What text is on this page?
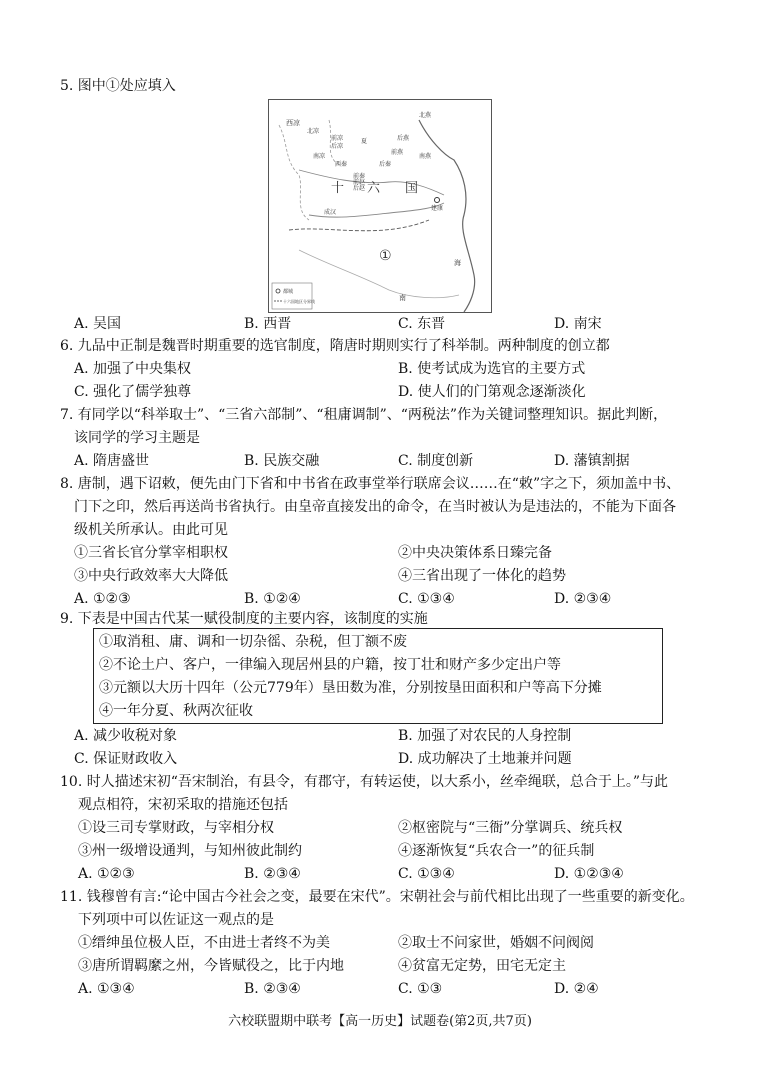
5. 图中①处应填入
西凉
北凉
前凉
后凉
南凉
西秦
夏
北燕
后燕
前燕
南燕
后秦
前秦
前赵
后赵
成汉
十 六 国
建康
①	海
南
都城
十六国地区分界线
A. 吴国	B. 西晋	C. 东晋	D. 南宋
6. 九品中正制是魏晋时期重要的选官制度，隋唐时期则实行了科举制。两种制度的创立都
A. 加强了中央集权	B. 使考试成为选官的主要方式
C. 强化了儒学独尊	D. 使人们的门第观念逐渐淡化
7. 有同学以“科举取士”、“三省六部制”、“租庸调制”、“两税法”作为关键词整理知识。据此判断，
该同学的学习主题是
A. 隋唐盛世	B. 民族交融	C. 制度创新	D. 藩镇割据
8. 唐制，遇下诏敕，便先由门下省和中书省在政事堂举行联席会议……在“敕”字之下，须加盖中书、
门下之印，然后再送尚书省执行。由皇帝直接发出的命令，在当时被认为是违法的，不能为下面各
级机关所承认。由此可见
①三省长官分掌宰相职权	②中央决策体系日臻完备
③中央行政效率大大降低	④三省出现了一体化的趋势
A. ①②③	B. ①②④	C. ①③④	D. ②③④
9. 下表是中国古代某一赋役制度的主要内容，该制度的实施
①取消租、庸、调和一切杂徭、杂税，但丁额不废
②不论土户、客户，一律编入现居州县的户籍，按丁壮和财产多少定出户等
③元额以大历十四年（公元779年）垦田数为准，分别按垦田面积和户等高下分摊
④一年分夏、秋两次征收
A. 减少收税对象	B. 加强了对农民的人身控制
C. 保证财政收入	D. 成功解决了土地兼并问题
10. 时人描述宋初“吾宋制治，有县令，有郡守，有转运使，以大系小，丝牵绳联，总合于上。”与此
观点相符，宋初采取的措施还包括
①设三司专掌财政，与宰相分权	②枢密院与“三衙”分掌调兵、统兵权
③州一级增设通判，与知州彼此制约	④逐渐恢复“兵农合一”的征兵制
A. ①②③	B. ②③④	C. ①③④	D. ①②③④
11. 钱穆曾有言:“论中国古今社会之变，最要在宋代”。宋朝社会与前代相比出现了一些重要的新变化。
下列项中可以佐证这一观点的是
①缙绅虽位极人臣，不由进士者终不为美	②取士不问家世，婚姻不问阀阅
③唐所谓羁縻之州，今皆赋役之，比于内地	④贫富无定势，田宅无定主
A. ①③④	B. ②③④	C. ①③	D. ②④
六校联盟期中联考【高一历史】试题卷(第2页,共7页)
